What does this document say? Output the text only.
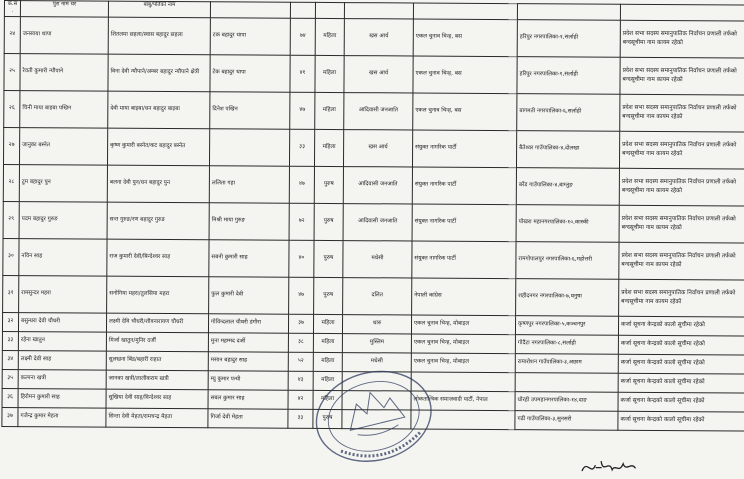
क.स.	पुरा नाम थर	बाबु/पतिको नाम							
२४	जनसाया थापा	शितलमा छहला/स्वास बहादुर छहला	टक बहादुर थापा	७४	महिला	खस आर्य	एकल चुनाव चिन्ह, बस	हरिपुर नगरपालिका-१,सर्लाही	प्रदेश सभा सदस्य समानुपातिक निर्वाचन प्रणाली तर्फको बन्दसूचीमा नाम कायम रहेको
२५	रेवती कुमारी न्यौपाने	विना देवी न्यौपाने/अम्बर बहादुर न्यौपाने क्षेत्री	टेक बहादुर थापा	४१	महिला	खस आर्य	एकल चुनाव चिन्ह, बस	हरिपुर नगरपालिका-१,सर्लाही	प्रदेश सभा सदस्य समानुपातिक निर्वाचन प्रणाली तर्फको बन्दसूचीमा नाम कायम रहेको
२६	चिनी माया बाइबा पखिन	देवी माया बाइबा/धन बहादुर बाइबा	दिनेश पखिन	४७	महिला	आदिवासी जनजाति	एकल चुनाव चिन्ह, बस	बागमती नगरपालिका-६,सर्लाही	प्रदेश सभा सदस्य समानुपातिक निर्वाचन प्रणाली तर्फको बन्दसूचीमा नाम कायम रहेको
२७	जानुका बस्नेत	कृष्ण कुमारी बस्नेत/कट बहादुर बस्नेत		३३	महिला	खस आर्य	संयुक्त नागरिक पार्टी	बैतेश्वर गाउँपालिका-४,दोलखा	प्रदेश सभा सदस्य समानुपातिक निर्वाचन प्रणाली तर्फको बन्दसूचीमा नाम कायम रहेको
२८	टुम बहादुर पुन	बलना देवी पुन/धन बहादुर पुन	ललिता गहा	४७	पुरुष	आदिवासी जनजाति	संयुक्त नागरिक पार्टी	बरेंड गाउँपालिका-४,बाग्लुङ	प्रदेश सभा सदस्य समानुपातिक निर्वाचन प्रणाली तर्फको बन्दसूचीमा नाम कायम रहेको
२९	पदम बहादुर गुरुङ	सन्त गुरुङ/रण बहादुर गुरुङ	मिश्री माया गुरुङ	७२	पुरुष	आदिवासी जनजाति	संयुक्त नागरिक पार्टी	पोखरा महानगरपालिका-१०,कास्की	प्रदेश सभा सदस्य समानुपातिक निर्वाचन प्रणाली तर्फको बन्दसूचीमा नाम कायम रहेको
३०	नविन साह	राज कुमारी देवी/बिन्देश्वर साह	सबनी कुमारी साह	४०	पुरुष	मधेसी	संयुक्त नागरिक पार्टी	रामगोपालपुर नगरपालिका-६,महोत्तरी	प्रदेश सभा सदस्य समानुपातिक निर्वाचन प्रणाली तर्फको बन्दसूचीमा नाम कायम रहेको
३१	रामसुन्दर महरा	सनोगिया महरा/तुलसिया महरा	फुल कुमारी देवी	४७	पुरुष	दलित	नेपाली कांग्रेस	शहीदनगर नगरपालिका-७,धनुषा	प्रदेश सभा सदस्य समानुपातिक निर्वाचन प्रणाली तर्फको बन्दसूचीमा नाम कायम रहेको
३२	बसुन्धरा देवी चौधरी	लक्ष्मी देवि चौधरी/शीवनारायण चौधरी	गोविन्दलाल चौधरी डंगौरा	३७	महिला	थारु	एकल चुनाव चिन्ह, मोबाइल	कृष्णपुर नगरपालिका-५,कञ्चनपुर	कर्जा सूचना केन्द्रको कालो सूचीमा रहेको
३३	रहेना खातुन	मिर्जा खातुन/मुनिर दर्जी	मुना महम्मद दर्जी	३८	महिला	मुस्लिम	एकल चुनाव चिन्ह, मोबाइल	गोदैटा नगरपालिका-८,सर्लाही	कर्जा सूचना केन्द्रको कालो सूचीमा रहेको
३४	लक्ष्मी देवी साह	सुलखना बिंड/बहारी राहात	मसान बहादुर साह	५२	महिला	मधेसी	एकल चुनाव चिन्ह, मोबाइल	रामारोशन गाउँपालिका-३,अछाम	कर्जा सूचना केन्द्रको कालो सूचीमा रहेको
३५	कल्पना खत्री	जानका खत्री/लालीकराम खत्री	म्यु कुमार पन्थी	४३	महिला				कर्जा सूचना केन्द्रको कालो सूचीमा रहेको
३६	हिरोमन कुमारी साह	सुखिया देवी साह/विन्देश्वर साह	सबल कुमार साह	४२	महिला		लोकतान्त्रिक समाजवादी पार्टी, नेपाल	धोरही उपमहानगरपालिका-१४,दाङ	कर्जा सूचना केन्द्रको कालो सूचीमा रहेको
३७	गजेन्द्र कुमार मेहता	सिन्ता देवी मेहता/रामचन्द्र मेहता	गिर्जा देवी मेहता	३३	पुरुष			गढी गाउँपालिका-३,सुनसरी	कर्जा सूचना केन्द्रको कालो सूचीमा रहेको
